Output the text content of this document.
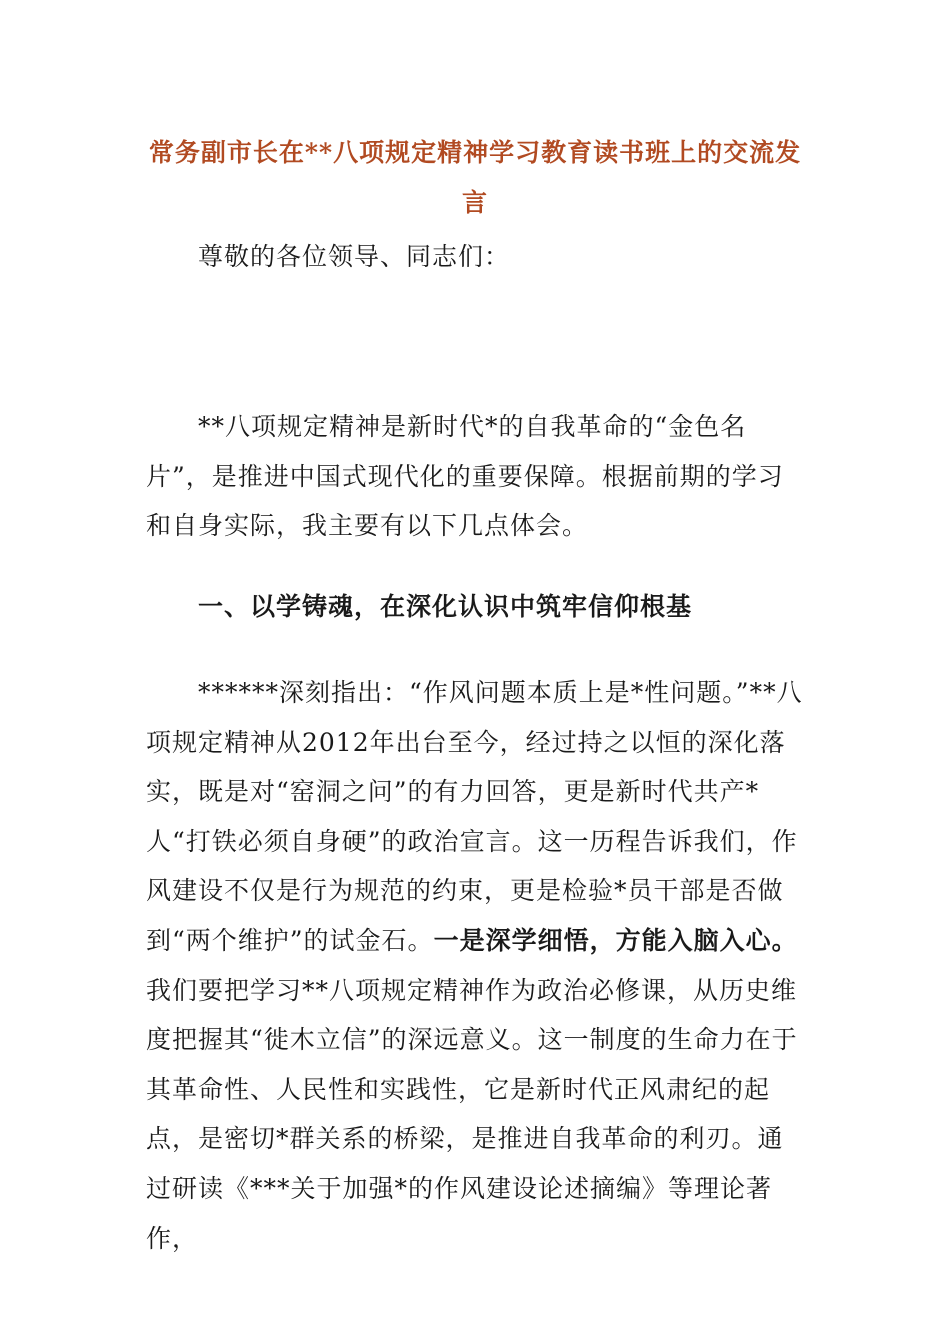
常务副市长在**八项规定精神学习教育读书班上的交流发言
尊敬的各位领导、同志们：
**八项规定精神是新时代*的自我革命的“金色名片”，是推进中国式现代化的重要保障。根据前期的学习和自身实际，我主要有以下几点体会。
一、以学铸魂，在深化认识中筑牢信仰根基
******深刻指出：“作风问题本质上是*性问题。”**八项规定精神从2012年出台至今，经过持之以恒的深化落实，既是对“窑洞之问”的有力回答，更是新时代共产*人“打铁必须自身硬”的政治宣言。这一历程告诉我们，作风建设不仅是行为规范的约束，更是检验*员干部是否做到“两个维护”的试金石。一是深学细悟，方能入脑入心。我们要把学习**八项规定精神作为政治必修课，从历史维度把握其“徙木立信”的深远意义。这一制度的生命力在于其革命性、人民性和实践性，它是新时代正风肃纪的起点，是密切*群关系的桥梁，是推进自我革命的利刃。通过研读《***关于加强*的作风建设论述摘编》等理论著作，
